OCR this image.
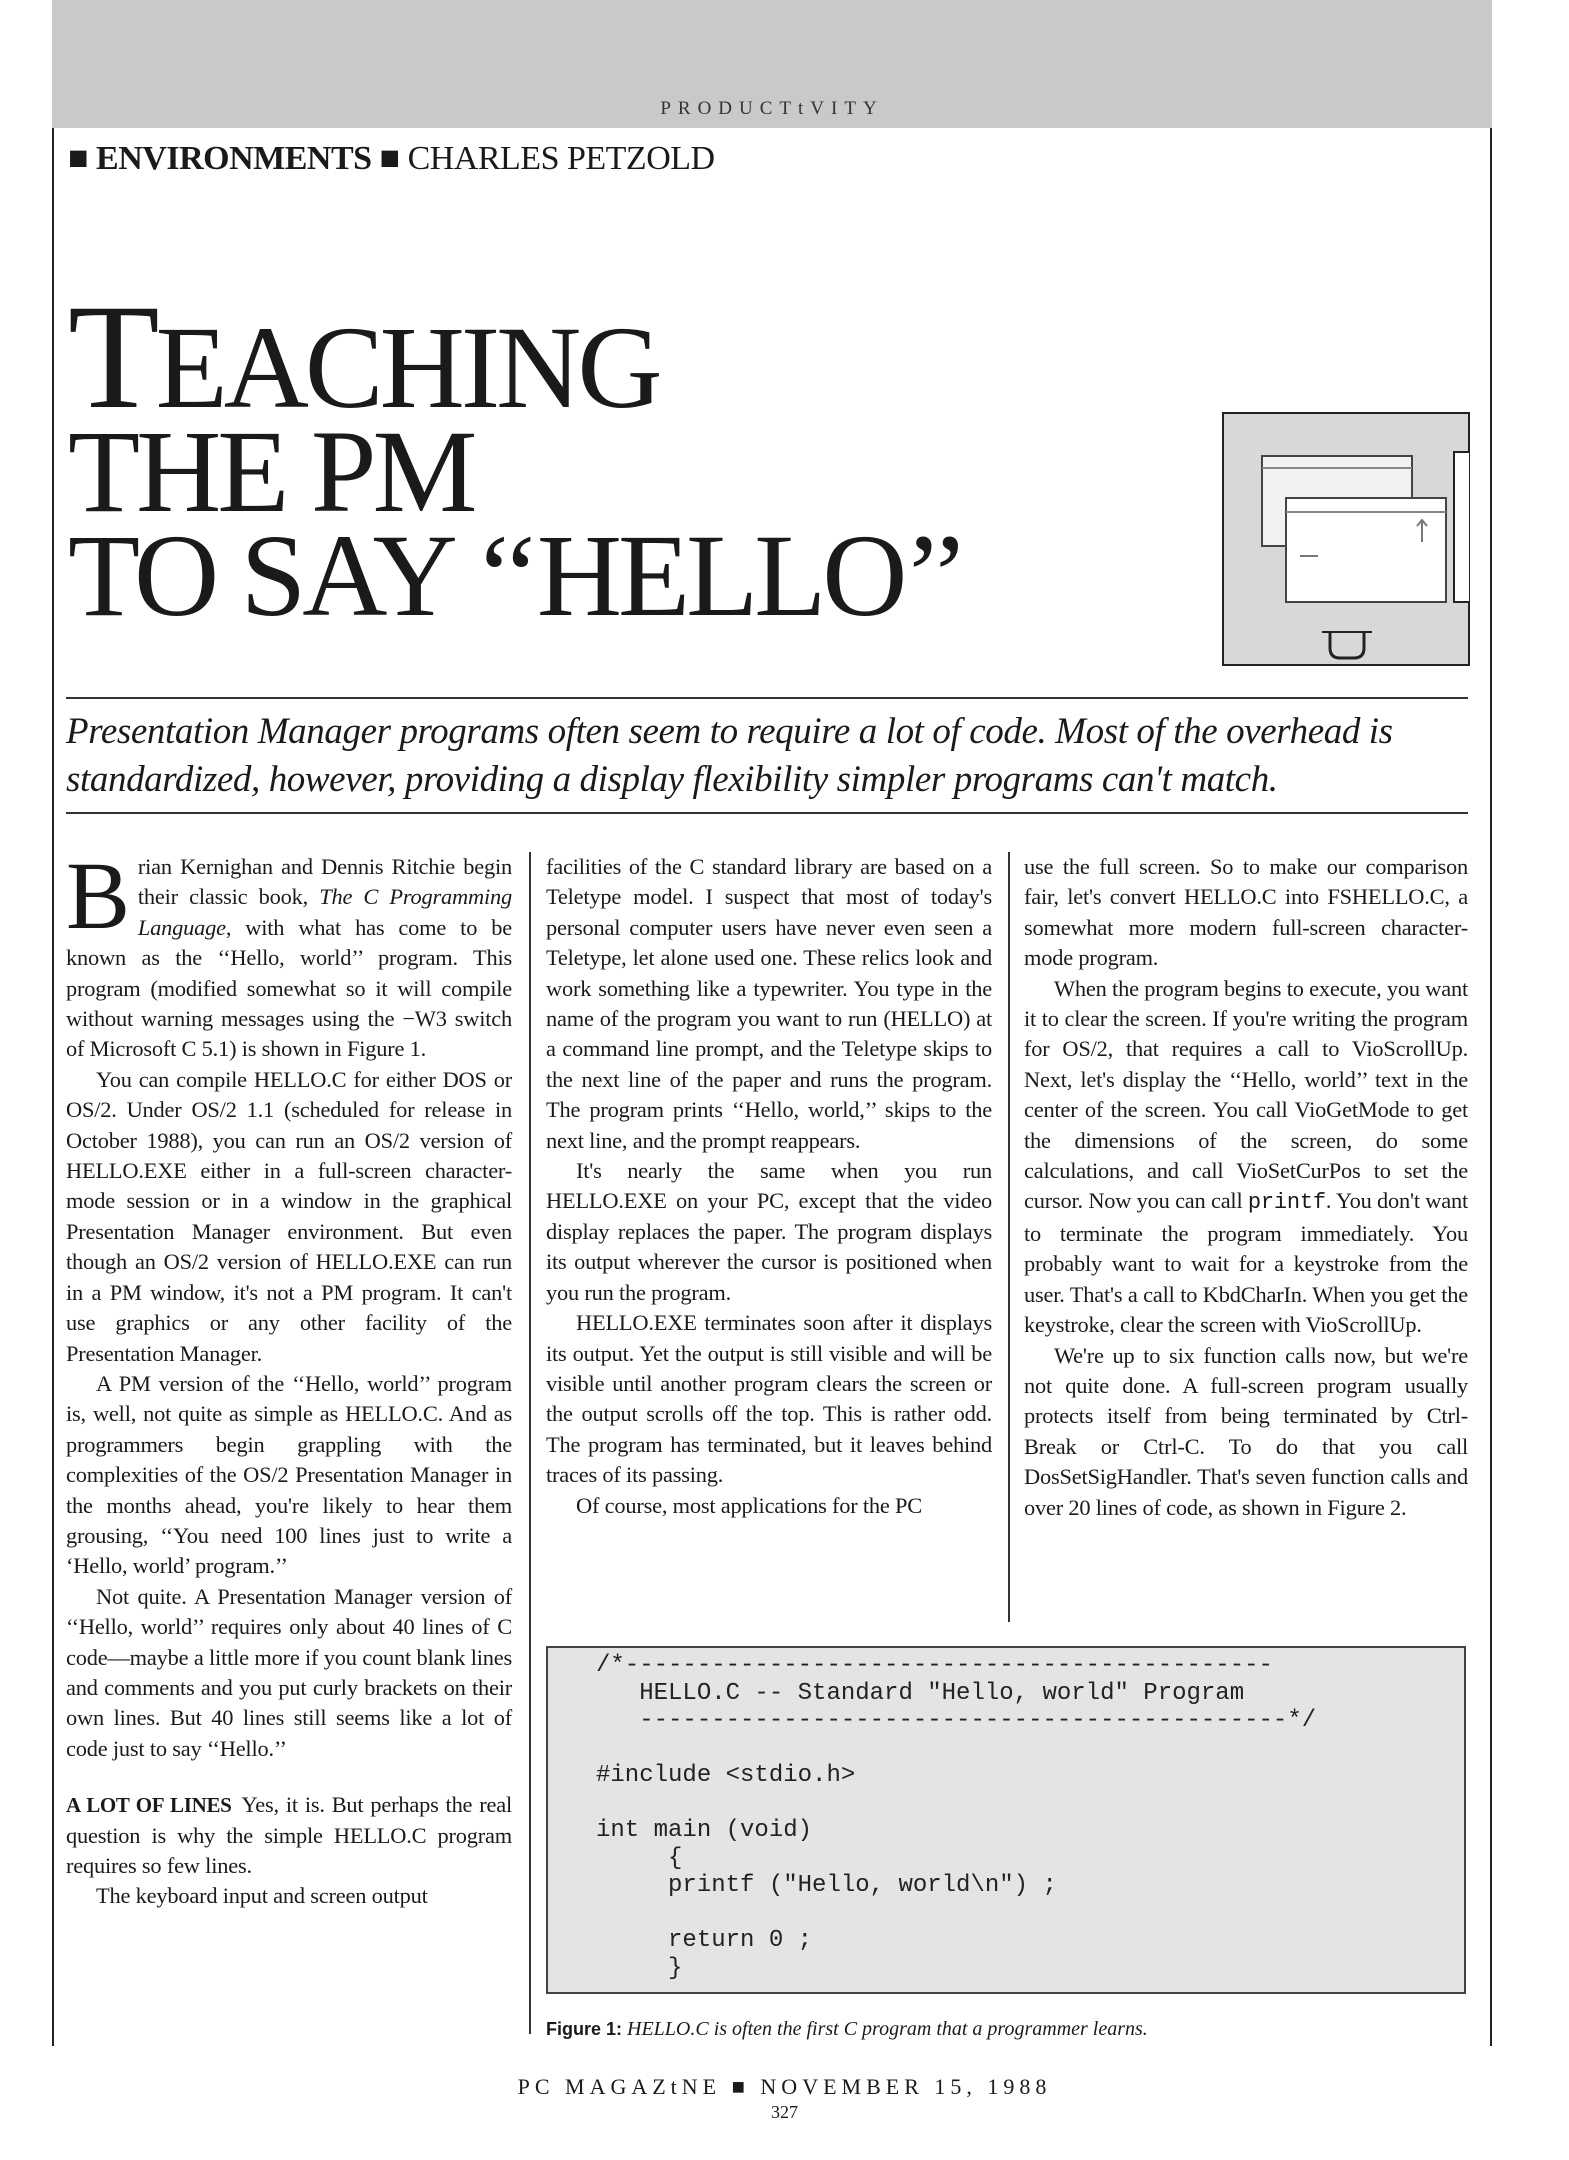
PRODUCTtVITY
■ ENVIRONMENTS ■ CHARLES PETZOLD
TEACHING
THE PM
TO SAY ‘‘HELLO’’
Presentation Manager programs often seem to require a lot of code. Most of the overhead is standardized, however, providing a display flexibility simpler programs can't match.

Brian Kernighan and Dennis Ritchie begin their classic book, The C Programming Language, with what has come to be known as the ‘‘Hello, world’’ program. This program (modified somewhat so it will compile without warning messages using the −W3 switch of Microsoft C 5.1) is shown in Figure 1.

You can compile HELLO.C for either DOS or OS/2. Under OS/2 1.1 (scheduled for release in October 1988), you can run an OS/2 version of HELLO.EXE either in a full-screen character-mode session or in a window in the graphical Presentation Manager environment. But even though an OS/2 version of HELLO.EXE can run in a PM window, it's not a PM program. It can't use graphics or any other facility of the Presentation Manager.

A PM version of the ‘‘Hello, world’’ program is, well, not quite as simple as HELLO.C. And as programmers begin grappling with the complexities of the OS/2 Presentation Manager in the months ahead, you're likely to hear them grousing, ‘‘You need 100 lines just to write a ‘Hello, world’ program.’’

Not quite. A Presentation Manager version of ‘‘Hello, world’’ requires only about 40 lines of C code—maybe a little more if you count blank lines and comments and you put curly brackets on their own lines. But 40 lines still seems like a lot of code just to say ‘‘Hello.’’

A LOT OF LINES Yes, it is. But perhaps the real question is why the simple HELLO.C program requires so few lines.

The keyboard input and screen output

facilities of the C standard library are based on a Teletype model. I suspect that most of today's personal computer users have never even seen a Teletype, let alone used one. These relics look and work something like a typewriter. You type in the name of the program you want to run (HELLO) at a command line prompt, and the Teletype skips to the next line of the paper and runs the program. The program prints ‘‘Hello, world,’’ skips to the next line, and the prompt reappears.

It's nearly the same when you run HELLO.EXE on your PC, except that the video display replaces the paper. The program displays its output wherever the cursor is positioned when you run the program.

HELLO.EXE terminates soon after it displays its output. Yet the output is still visible and will be visible until another program clears the screen or the output scrolls off the top. This is rather odd. The program has terminated, but it leaves behind traces of its passing.

Of course, most applications for the PC

use the full screen. So to make our comparison fair, let's convert HELLO.C into FSHELLO.C, a somewhat more modern full-screen character-mode program.

When the program begins to execute, you want it to clear the screen. If you're writing the program for OS/2, that requires a call to VioScrollUp. Next, let's display the ‘‘Hello, world’’ text in the center of the screen. You call VioGetMode to get the dimensions of the screen, do some calculations, and call VioSetCurPos to set the cursor. Now you can call printf. You don't want to terminate the program immediately. You probably want to wait for a keystroke from the user. That's a call to KbdCharIn. When you get the keystroke, clear the screen with VioScrollUp.

We're up to six function calls now, but we're not quite done. A full-screen program usually protects itself from being terminated by Ctrl-Break or Ctrl-C. To do that you call DosSetSigHandler. That's seven function calls and over 20 lines of code, as shown in Figure 2.

/*---------------------------------------------
HELLO.C -- Standard "Hello, world" Program
---------------------------------------------*/

#include <stdio.h>

int main (void)
{
printf ("Hello, world\n") ;

return 0 ;
}
Figure 1: HELLO.C is often the first C program that a programmer learns.
PC MAGAZtNE ■ NOVEMBER 15, 1988
327
